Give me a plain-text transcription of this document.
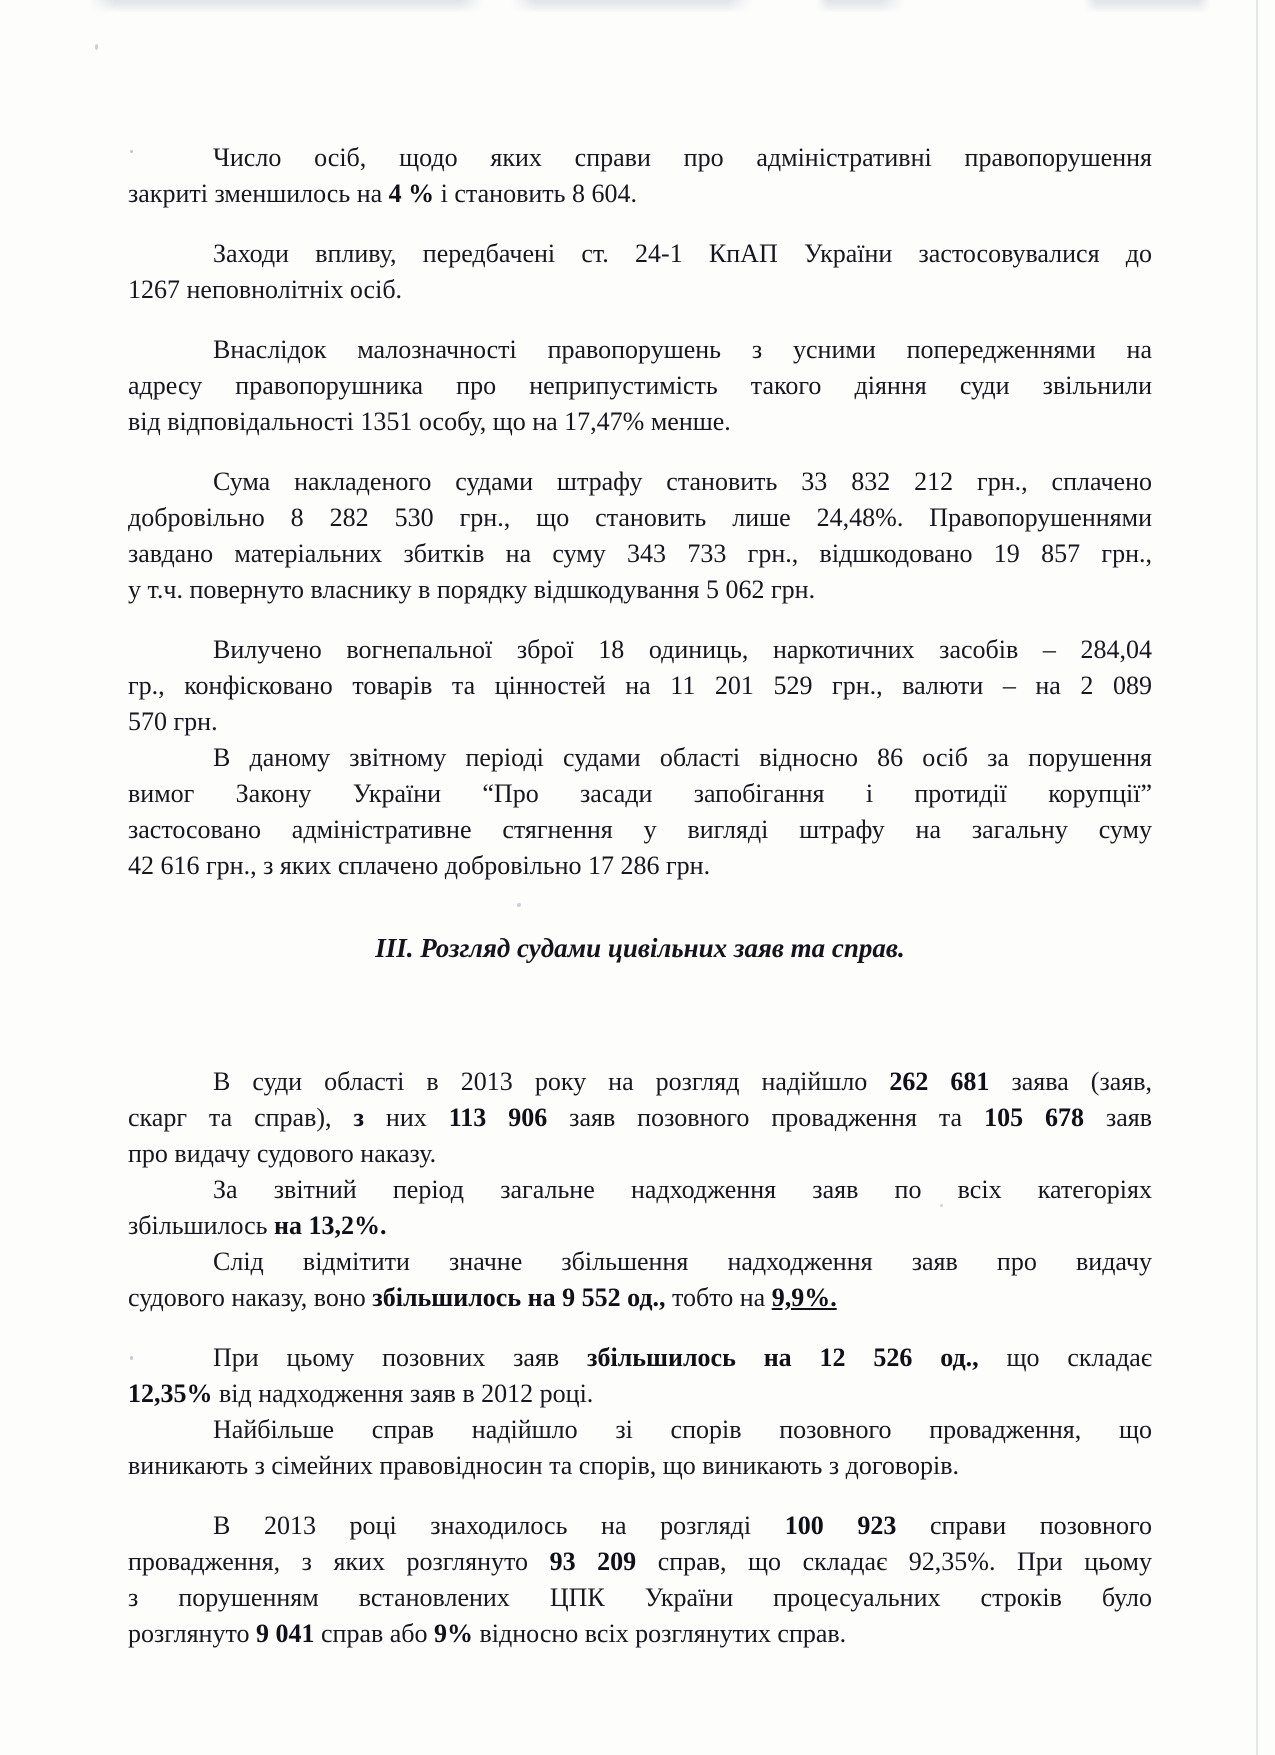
Число осіб, щодо яких справи про адміністративні правопорушення
закриті зменшилось на 4 % і становить 8 604.
Заходи впливу, передбачені ст. 24-1 КпАП України застосовувалися до
1267 неповнолітніх осіб.
Внаслідок малозначності правопорушень з усними попередженнями на
адресу правопорушника про неприпустимість такого діяння суди звільнили
від відповідальності 1351 особу, що на 17,47% менше.
Сума накладеного судами штрафу становить 33 832 212 грн., сплачено
добровільно 8 282 530 грн., що становить лише 24,48%. Правопорушеннями
завдано матеріальних збитків на суму 343 733 грн., відшкодовано 19 857 грн.,
у т.ч. повернуто власнику в порядку відшкодування 5 062 грн.
Вилучено вогнепальної зброї 18 одиниць, наркотичних засобів – 284,04
гр., конфісковано товарів та цінностей на 11 201 529 грн., валюти – на 2 089
570 грн.
В даному звітному періоді судами області відносно 86 осіб за порушення
вимог Закону України “Про засади запобігання і протидії корупції”
застосовано адміністративне стягнення у вигляді штрафу на загальну суму
42 616 грн., з яких сплачено добровільно 17 286 грн.
ІІІ. Розгляд судами цивільних заяв та справ.
В суди області в 2013 року на розгляд надійшло 262 681 заява (заяв,
скарг та справ), з них 113 906 заяв позовного провадження та 105 678 заяв
про видачу судового наказу.
За звітний період загальне надходження заяв по всіх категоріях
збільшилось на 13,2%.
Слід відмітити значне збільшення надходження заяв про видачу
судового наказу, воно збільшилось на 9 552 од., тобто на 9,9%.
При цьому позовних заяв збільшилось на 12 526 од., що складає
12,35% від надходження заяв в 2012 році.
Найбільше справ надійшло зі спорів позовного провадження, що
виникають з сімейних правовідносин та спорів, що виникають з договорів.
В 2013 році знаходилось на розгляді 100 923 справи позовного
провадження, з яких розглянуто 93 209 справ, що складає 92,35%. При цьому
з порушенням встановлених ЦПК України процесуальних строків було
розглянуто 9 041 справ або 9% відносно всіх розглянутих справ.
